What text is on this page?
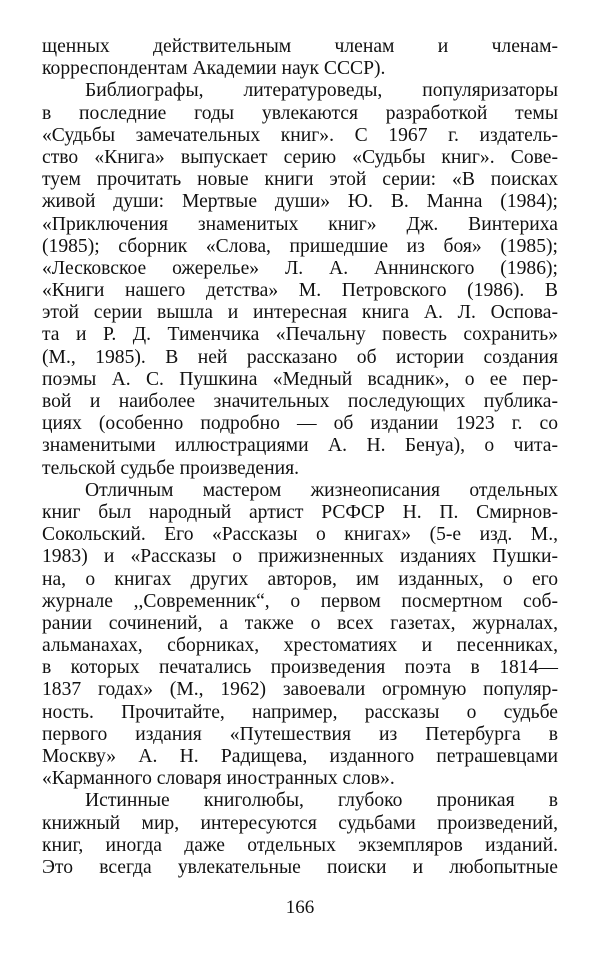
щенных действительным членам и членам-
корреспондентам Академии наук СССР).
Библиографы, литературоведы, популяризаторы
в последние годы увлекаются разработкой темы
«Судьбы замечательных книг». С 1967 г. издатель-
ство «Книга» выпускает серию «Судьбы книг». Сове-
туем прочитать новые книги этой серии: «В поисках
живой души: Мертвые души» Ю. В. Манна (1984);
«Приключения знаменитых книг» Дж. Винтериха
(1985); сборник «Слова, пришедшие из боя» (1985);
«Лесковское ожерелье» Л. А. Аннинского (1986);
«Книги нашего детства» М. Петровского (1986). В
этой серии вышла и интересная книга А. Л. Оспова-
та и Р. Д. Тименчика «Печальну повесть сохранить»
(М., 1985). В ней рассказано об истории создания
поэмы А. С. Пушкина «Медный всадник», о ее пер-
вой и наиболее значительных последующих публика-
циях (особенно подробно — об издании 1923 г. со
знаменитыми иллюстрациями А. Н. Бенуа), о чита-
тельской судьбе произведения.
Отличным мастером жизнеописания отдельных
книг был народный артист РСФСР Н. П. Смирнов-
Сокольский. Его «Рассказы о книгах» (5-е изд. М.,
1983) и «Рассказы о прижизненных изданиях Пушки-
на, о книгах других авторов, им изданных, о его
журнале ,,Современник“, о первом посмертном соб-
рании сочинений, а также о всех газетах, журналах,
альманахах, сборниках, хрестоматиях и песенниках,
в которых печатались произведения поэта в 1814—
1837 годах» (М., 1962) завоевали огромную популяр-
ность. Прочитайте, например, рассказы о судьбе
первого издания «Путешествия из Петербурга в
Москву» А. Н. Радищева, изданного петрашевцами
«Карманного словаря иностранных слов».
Истинные книголюбы, глубоко проникая в
книжный мир, интересуются судьбами произведений,
книг, иногда даже отдельных экземпляров изданий.
Это всегда увлекательные поиски и любопытные
166
